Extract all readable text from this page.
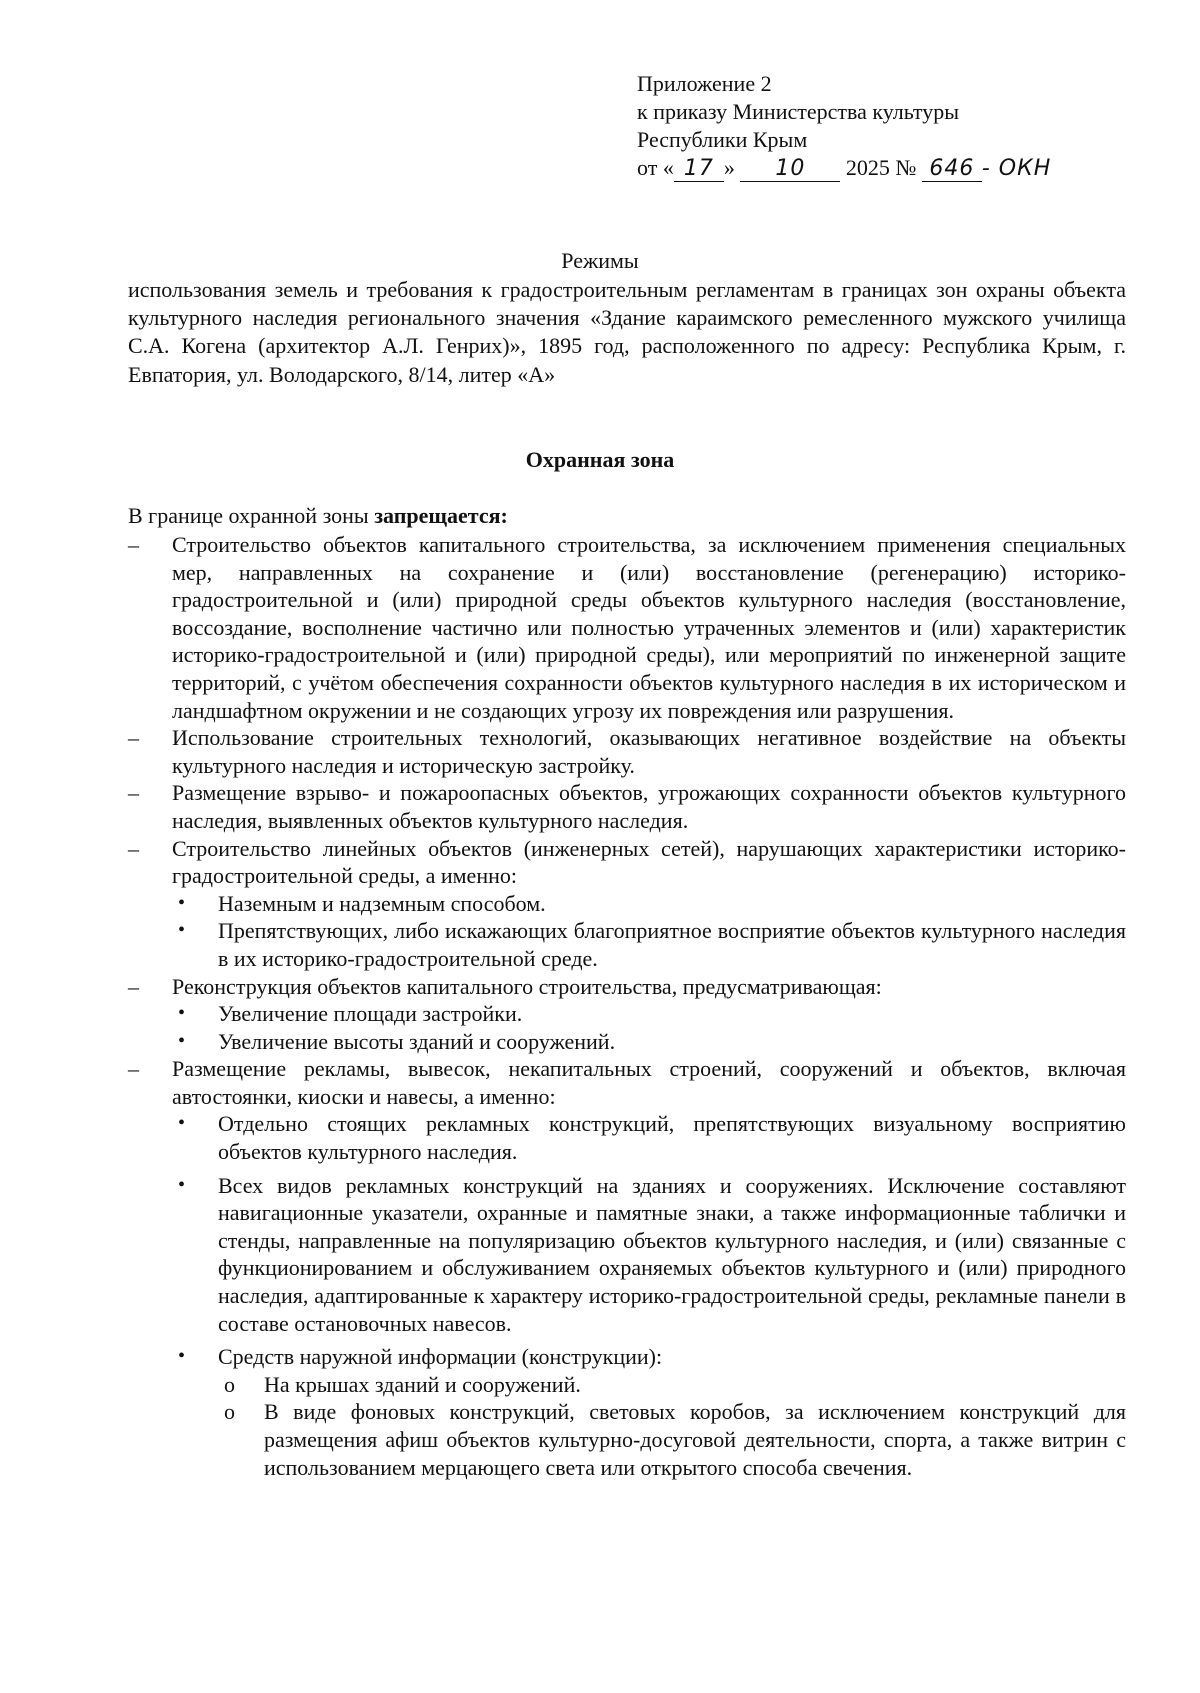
Приложение 2
к приказу Министерства культуры
Республики Крым
от « 17 » 10 2025 № 646 - ОКН
Режимы
использования земель и требования к градостроительным регламентам в границах зон охраны объекта культурного наследия регионального значения «Здание караимского ремесленного мужского училища С.А. Когена (архитектор А.Л. Генрих)», 1895 год, расположенного по адресу: Республика Крым, г. Евпатория, ул. Володарского, 8/14, литер «А»
Охранная зона
В границе охранной зоны запрещается:
– Строительство объектов капитального строительства, за исключением применения специальных мер, направленных на сохранение и (или) восстановление (регенерацию) историко-градостроительной и (или) природной среды объектов культурного наследия (восстановление, воссоздание, восполнение частично или полностью утраченных элементов и (или) характеристик историко-градостроительной и (или) природной среды), или мероприятий по инженерной защите территорий, с учётом обеспечения сохранности объектов культурного наследия в их историческом и ландшафтном окружении и не создающих угрозу их повреждения или разрушения.
– Использование строительных технологий, оказывающих негативное воздействие на объекты культурного наследия и историческую застройку.
– Размещение взрыво- и пожароопасных объектов, угрожающих сохранности объектов культурного наследия, выявленных объектов культурного наследия.
– Строительство линейных объектов (инженерных сетей), нарушающих характеристики историко-градостроительной среды, а именно:
• Наземным и надземным способом.
• Препятствующих, либо искажающих благоприятное восприятие объектов культурного наследия в их историко-градостроительной среде.
– Реконструкция объектов капитального строительства, предусматривающая:
• Увеличение площади застройки.
• Увеличение высоты зданий и сооружений.
– Размещение рекламы, вывесок, некапитальных строений, сооружений и объектов, включая автостоянки, киоски и навесы, а именно:
• Отдельно стоящих рекламных конструкций, препятствующих визуальному восприятию объектов культурного наследия.
• Всех видов рекламных конструкций на зданиях и сооружениях. Исключение составляют навигационные указатели, охранные и памятные знаки, а также информационные таблички и стенды, направленные на популяризацию объектов культурного наследия, и (или) связанные с функционированием и обслуживанием охраняемых объектов культурного и (или) природного наследия, адаптированные к характеру историко-градостроительной среды, рекламные панели в составе остановочных навесов.
• Средств наружной информации (конструкции):
o На крышах зданий и сооружений.
o В виде фоновых конструкций, световых коробов, за исключением конструкций для размещения афиш объектов культурно-досуговой деятельности, спорта, а также витрин с использованием мерцающего света или открытого способа свечения.
